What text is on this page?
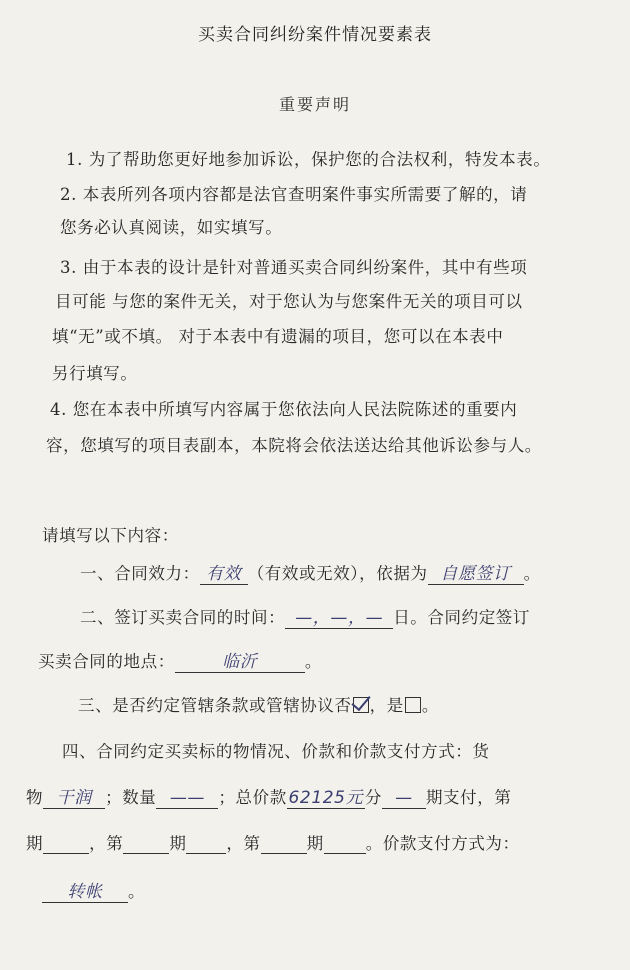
买卖合同纠纷案件情况要素表
重要声明
1. 为了帮助您更好地参加诉讼，保护您的合法权利，特发本表。
2. 本表所列各项内容都是法官查明案件事实所需要了解的，请
您务必认真阅读，如实填写。
3. 由于本表的设计是针对普通买卖合同纠纷案件，其中有些项
目可能 与您的案件无关，对于您认为与您案件无关的项目可以
填“无”或不填。 对于本表中有遗漏的项目，您可以在本表中
另行填写。
4. 您在本表中所填写内容属于您依法向人民法院陈述的重要内
容，您填写的项目表副本，本院将会依法送达给其他诉讼参与人。
请填写以下内容：
一、合同效力： 有效 （有效或无效），依据为 自愿签订 。
二、签订买卖合同的时间： —，—，— 日。合同约定签订
买卖合同的地点：	临沂	。
三、是否约定管辖条款或管辖协议否 ，是 。
四、合同约定买卖标的物情况、价款和价款支付方式：货
物 干润 ；数量 —— ；总价款62125元 分 — 期支付，第
期	，第	期 ，第	期	。价款支付方式为：
转帐 。
